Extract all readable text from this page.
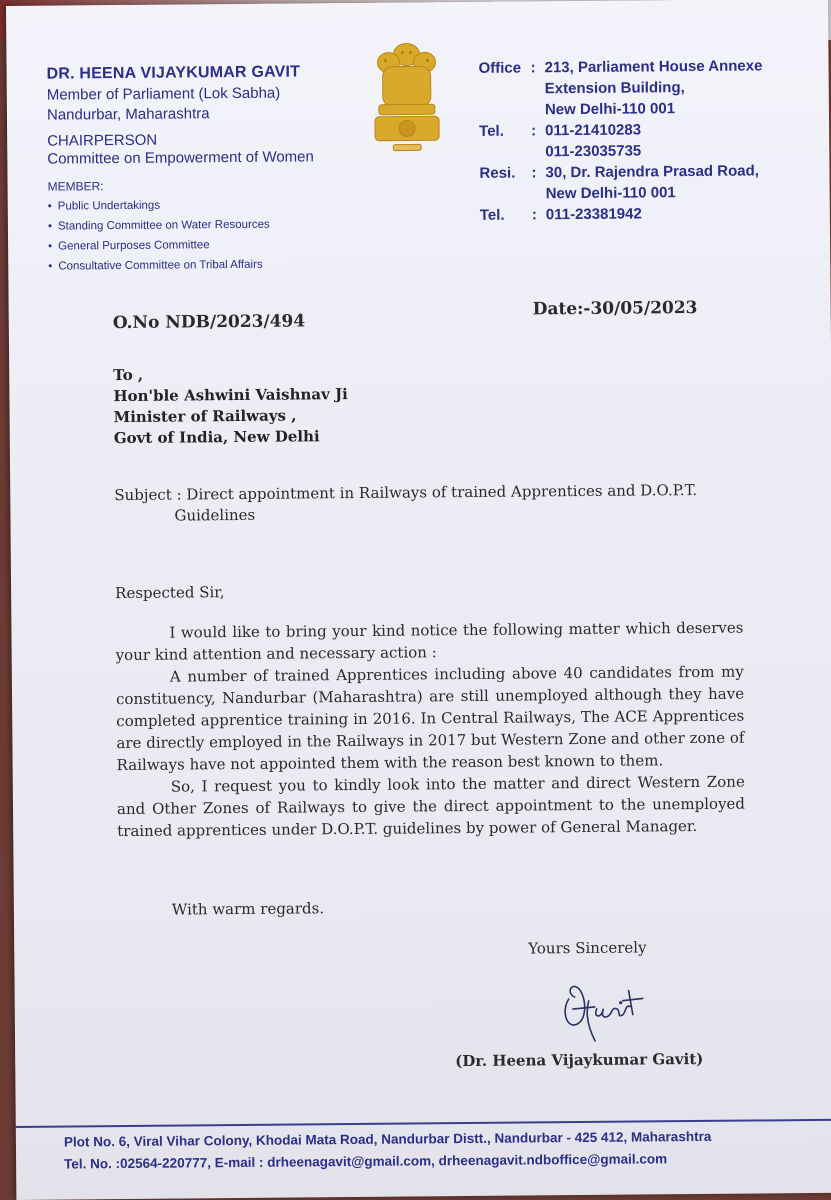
DR. HEENA VIJAYKUMAR GAVIT
Member of Parliament (Lok Sabha)
Nandurbar, Maharashtra
CHAIRPERSON
Committee on Empowerment of Women
MEMBER:
• Public Undertakings
• Standing Committee on Water Resources
• General Purposes Committee
• Consultative Committee on Tribal Affairs
Office : 213, Parliament House Annexe
Extension Building,
New Delhi-110 001
Tel.	: 011-21410283
011-23035735
Resi.	: 30, Dr. Rajendra Prasad Road,
New Delhi-110 001
Tel.	: 011-23381942
O.No NDB/2023/494
Date:-30/05/2023
To ,
Hon'ble Ashwini Vaishnav Ji
Minister of Railways ,
Govt of India, New Delhi
Subject : Direct appointment in Railways of trained Apprentices and D.O.P.T.
Guidelines

Respected Sir,

I would like to bring your kind notice the following matter which deserves your kind attention and necessary action :

A number of trained Apprentices including above 40 candidates from my constituency, Nandurbar (Maharashtra) are still unemployed although they have completed apprentice training in 2016. In Central Railways, The ACE Apprentices are directly employed in the Railways in 2017 but Western Zone and other zone of Railways have not appointed them with the reason best known to them.

So, I request you to kindly look into the matter and direct Western Zone and Other Zones of Railways to give the direct appointment to the unemployed trained apprentices under D.O.P.T. guidelines by power of General Manager.

With warm regards.
Yours Sincerely
(Dr. Heena Vijaykumar Gavit)
Plot No. 6, Viral Vihar Colony, Khodai Mata Road, Nandurbar Distt., Nandurbar - 425 412, Maharashtra
Tel. No. :02564-220777, E-mail : drheenagavit@gmail.com, drheenagavit.ndboffice@gmail.com
